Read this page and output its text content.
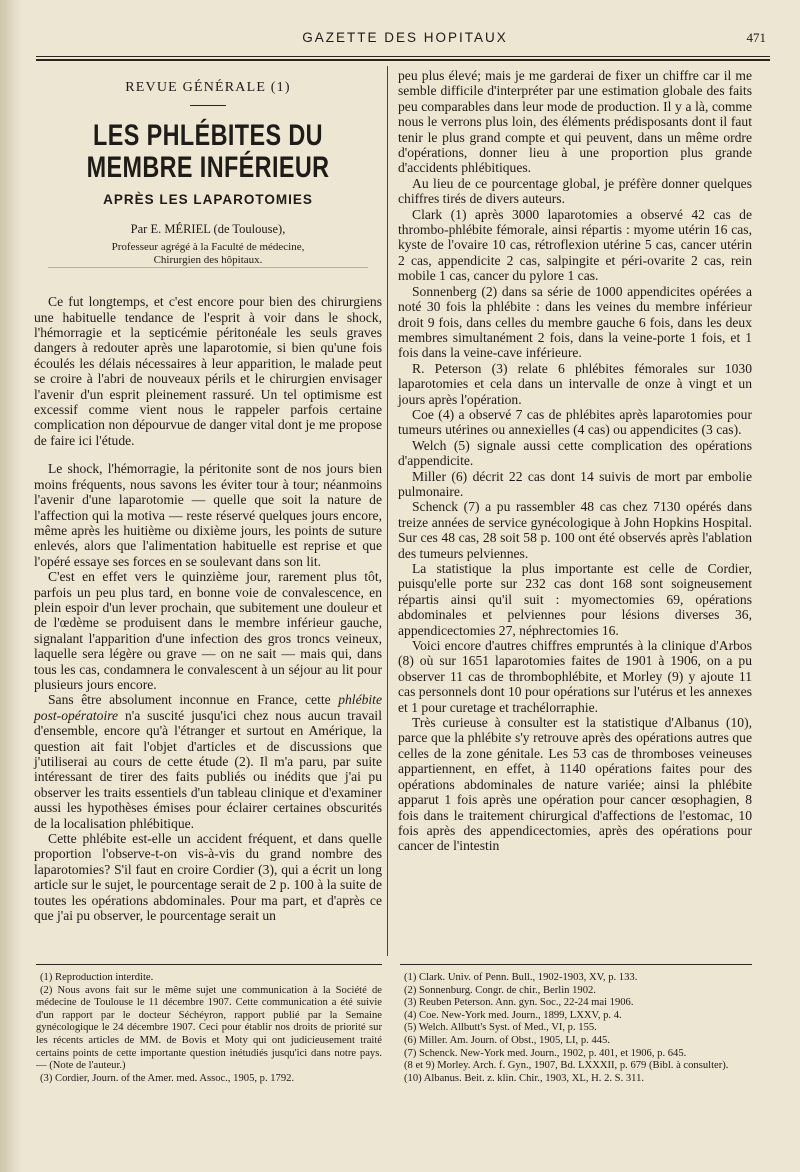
GAZETTE DES HOPITAUX	471
REVUE GÉNÉRALE (1)
LES PHLÉBITES DU MEMBRE INFÉRIEUR
APRÈS LES LAPAROTOMIES
Par E. MÉRIEL (de Toulouse),
Professeur agrégé à la Faculté de médecine,
Chirurgien des hôpitaux.

Ce fut longtemps, et c'est encore pour bien des chirurgiens une habituelle tendance de l'esprit à voir dans le shock, l'hémorragie et la septicémie péritonéale les seuls graves dangers à redouter après une laparotomie, si bien qu'une fois écoulés les délais nécessaires à leur apparition, le malade peut se croire à l'abri de nouveaux périls et le chirurgien envisager l'avenir d'un esprit pleinement rassuré. Un tel optimisme est excessif comme vient nous le rappeler parfois certaine complication non dépourvue de danger vital dont je me propose de faire ici l'étude.

Le shock, l'hémorragie, la péritonite sont de nos jours bien moins fréquents, nous savons les éviter tour à tour; néanmoins l'avenir d'une laparotomie — quelle que soit la nature de l'affection qui la motiva — reste réservé quelques jours encore, même après les huitième ou dixième jours, les points de suture enlevés, alors que l'alimentation habituelle est reprise et que l'opéré essaye ses forces en se soulevant dans son lit.

C'est en effet vers le quinzième jour, rarement plus tôt, parfois un peu plus tard, en bonne voie de convalescence, en plein espoir d'un lever prochain, que subitement une douleur et de l'œdème se produisent dans le membre inférieur gauche, signalant l'apparition d'une infection des gros troncs veineux, laquelle sera légère ou grave — on ne sait — mais qui, dans tous les cas, condamnera le convalescent à un séjour au lit pour plusieurs jours encore.

Sans être absolument inconnue en France, cette phlébite post-opératoire n'a suscité jusqu'ici chez nous aucun travail d'ensemble, encore qu'à l'étranger et surtout en Amérique, la question ait fait l'objet d'articles et de discussions que j'utiliserai au cours de cette étude (2). Il m'a paru, par suite intéressant de tirer des faits publiés ou inédits que j'ai pu observer les traits essentiels d'un tableau clinique et d'examiner aussi les hypothèses émises pour éclairer certaines obscurités de la localisation phlébitique.

Cette phlébite est-elle un accident fréquent, et dans quelle proportion l'observe-t-on vis-à-vis du grand nombre des laparotomies? S'il faut en croire Cordier (3), qui a écrit un long article sur le sujet, le pourcentage serait de 2 p. 100 à la suite de toutes les opérations abdominales. Pour ma part, et d'après ce que j'ai pu observer, le pourcentage serait un

peu plus élevé; mais je me garderai de fixer un chiffre car il me semble difficile d'interpréter par une estimation globale des faits peu comparables dans leur mode de production. Il y a là, comme nous le verrons plus loin, des éléments prédisposants dont il faut tenir le plus grand compte et qui peuvent, dans un même ordre d'opérations, donner lieu à une proportion plus grande d'accidents phlébitiques.

Au lieu de ce pourcentage global, je préfère donner quelques chiffres tirés de divers auteurs.

Clark (1) après 3000 laparotomies a observé 42 cas de thrombo-phlébite fémorale, ainsi répartis : myome utérin 16 cas, kyste de l'ovaire 10 cas, rétroflexion utérine 5 cas, cancer utérin 2 cas, appendicite 2 cas, salpingite et péri-ovarite 2 cas, rein mobile 1 cas, cancer du pylore 1 cas.

Sonnenberg (2) dans sa série de 1000 appendicites opérées a noté 30 fois la phlébite : dans les veines du membre inférieur droit 9 fois, dans celles du membre gauche 6 fois, dans les deux membres simultanément 2 fois, dans la veine-porte 1 fois, et 1 fois dans la veine-cave inférieure.

R. Peterson (3) relate 6 phlébites fémorales sur 1030 laparotomies et cela dans un intervalle de onze à vingt et un jours après l'opération.

Coe (4) a observé 7 cas de phlébites après laparotomies pour tumeurs utérines ou annexielles (4 cas) ou appendicites (3 cas).

Welch (5) signale aussi cette complication des opérations d'appendicite.

Miller (6) décrit 22 cas dont 14 suivis de mort par embolie pulmonaire.

Schenck (7) a pu rassembler 48 cas chez 7130 opérés dans treize années de service gynécologique à John Hopkins Hospital. Sur ces 48 cas, 28 soit 58 p. 100 ont été observés après l'ablation des tumeurs pelviennes.

La statistique la plus importante est celle de Cordier, puisqu'elle porte sur 232 cas dont 168 sont soigneusement répartis ainsi qu'il suit : myomectomies 69, opérations abdominales et pelviennes pour lésions diverses 36, appendicectomies 27, néphrectomies 16.

Voici encore d'autres chiffres empruntés à la clinique d'Arbos (8) où sur 1651 laparotomies faites de 1901 à 1906, on a pu observer 11 cas de thrombophlébite, et Morley (9) y ajoute 11 cas personnels dont 10 pour opérations sur l'utérus et les annexes et 1 pour curetage et trachélorraphie.

Très curieuse à consulter est la statistique d'Albanus (10), parce que la phlébite s'y retrouve après des opérations autres que celles de la zone génitale. Les 53 cas de thromboses veineuses appartiennent, en effet, à 1140 opérations faites pour des opérations abdominales de nature variée; ainsi la phlébite apparut 1 fois après une opération pour cancer œsophagien, 8 fois dans le traitement chirurgical d'affections de l'estomac, 10 fois après des appendicectomies, après des opérations pour cancer de l'intestin

(1) Reproduction interdite.

(2) Nous avons fait sur le même sujet une communication à la Société de médecine de Toulouse le 11 décembre 1907. Cette communication a été suivie d'un rapport par le docteur Séchéyron, rapport publié par la Semaine gynécologique le 24 décembre 1907. Ceci pour établir nos droits de priorité sur les récents articles de MM. de Bovis et Moty qui ont judicieusement traité certains points de cette importante question inétudiés jusqu'ici dans notre pays. — (Note de l'auteur.)

(3) Cordier, Journ. of the Amer. med. Assoc., 1905, p. 1792.

(1) Clark. Univ. of Penn. Bull., 1902-1903, XV, p. 133.

(2) Sonnenburg. Congr. de chir., Berlin 1902.

(3) Reuben Peterson. Ann. gyn. Soc., 22-24 mai 1906.

(4) Coe. New-York med. Journ., 1899, LXXV, p. 4.

(5) Welch. Allbutt's Syst. of Med., VI, p. 155.

(6) Miller. Am. Journ. of Obst., 1905, LI, p. 445.

(7) Schenck. New-York med. Journ., 1902, p. 401, et 1906, p. 645.

(8 et 9) Morley. Arch. f. Gyn., 1907, Bd. LXXXII, p. 679 (Bibl. à consulter).

(10) Albanus. Beit. z. klin. Chir., 1903, XL, H. 2. S. 311.
